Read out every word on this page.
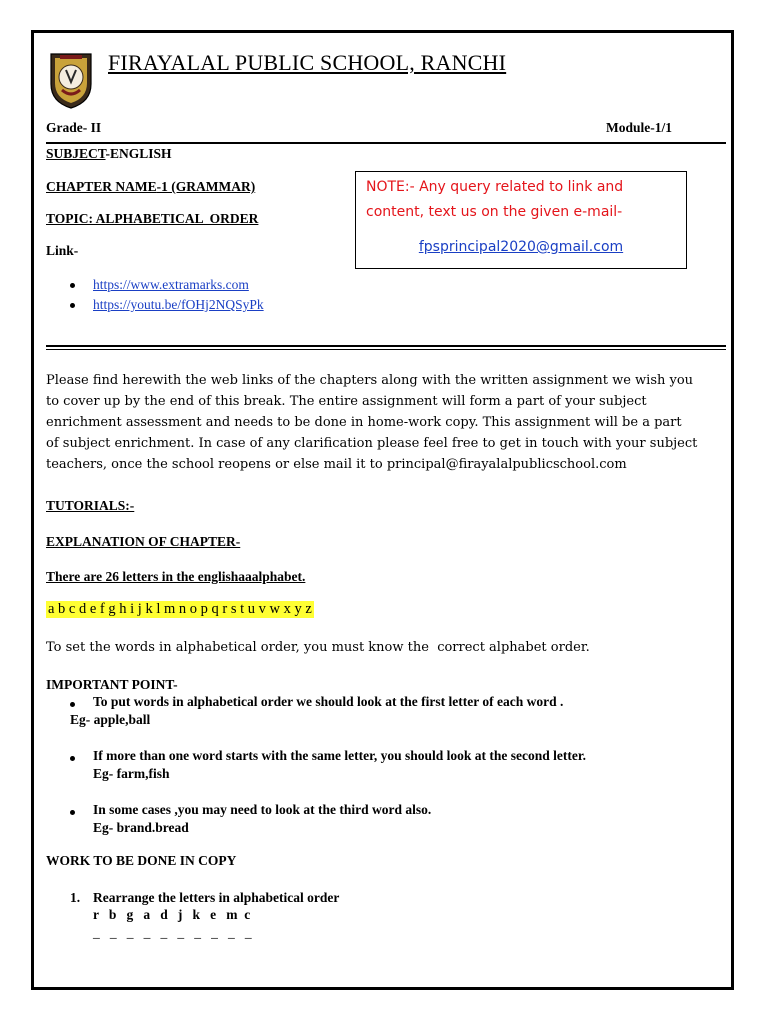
FIRAYALAL PUBLIC SCHOOL, RANCHI
Grade- II	Module-1/1
SUBJECT-ENGLISH
CHAPTER NAME-1 (GRAMMAR)
TOPIC: ALPHABETICAL  ORDER
Link-
NOTE:- Any query related to link and
content, text us on the given e-mail-
fpsprincipal2020@gmail.com
https://www.extramarks.com
https://youtu.be/fOHj2NQSyPk
Please find herewith the web links of the chapters along with the written assignment we wish you
to cover up by the end of this break. The entire assignment will form a part of your subject
enrichment assessment and needs to be done in home-work copy. This assignment will be a part
of subject enrichment. In case of any clarification please feel free to get in touch with your subject
teachers, once the school reopens or else mail it to principal@firayalalpublicschool.com
TUTORIALS:-
EXPLANATION OF CHAPTER-
There are 26 letters in the englishaaalphabet.
a b c d e f g h i j k l m n o p q r s t u v w x y z
To set the words in alphabetical order, you must know the  correct alphabet order.
IMPORTANT POINT-
To put words in alphabetical order we should look at the first letter of each word .
Eg- apple,ball
If more than one word starts with the same letter, you should look at the second letter.
Eg- farm,fish
In some cases ,you may need to look at the third word also.
Eg- brand.bread
WORK TO BE DONE IN COPY
1. Rearrange the letters in alphabetical order
r   b   g   a   d   j   k   e   m  c
_   _   _   _   _   _   _   _   _   _
